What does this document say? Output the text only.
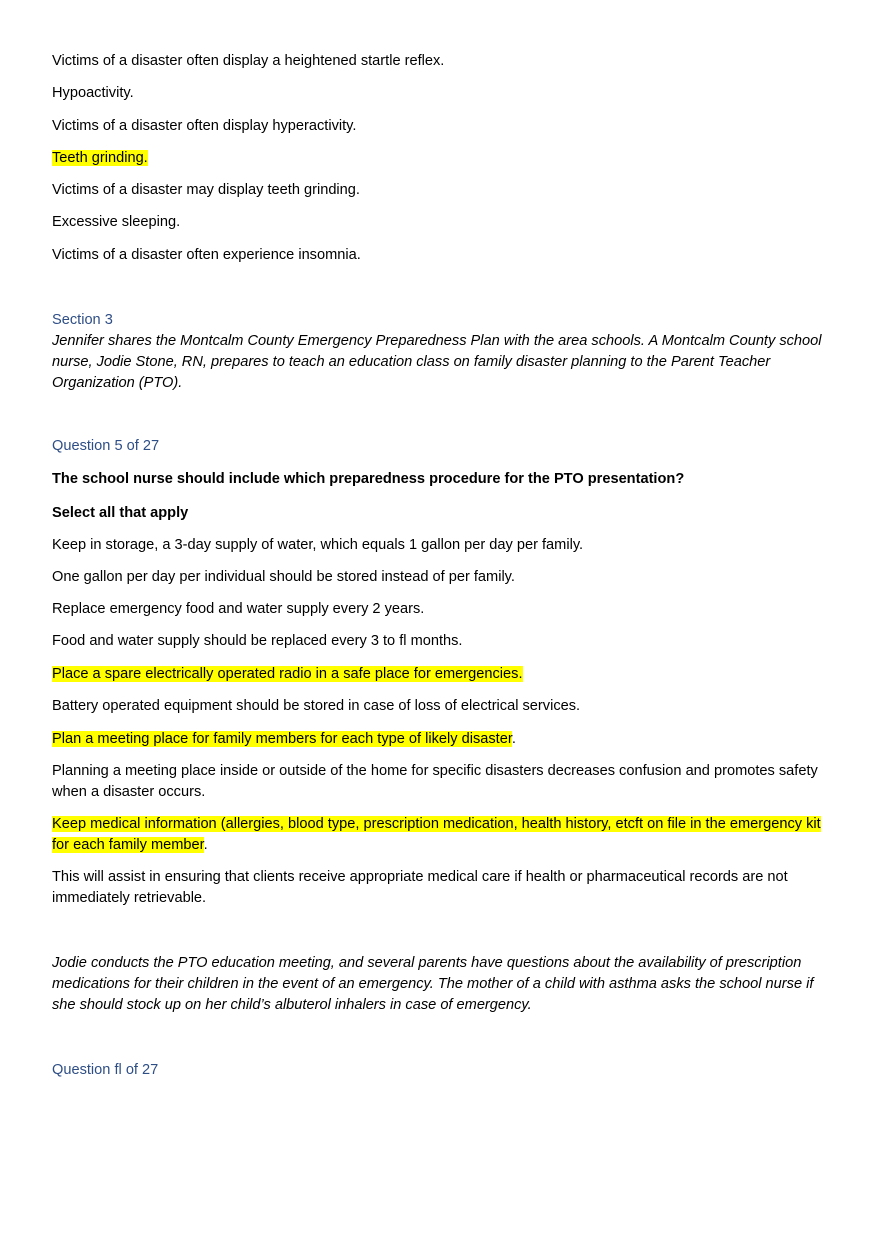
Victims of a disaster often display a heightened startle reflex.

Hypoactivity.

Victims of a disaster often display hyperactivity.

Teeth grinding.

Victims of a disaster may display teeth grinding.

Excessive sleeping.

Victims of a disaster often experience insomnia.

Section 3

Jennifer shares the Montcalm County Emergency Preparedness Plan with the area schools. A Montcalm County school nurse, Jodie Stone, RN, prepares to teach an education class on family disaster planning to the Parent Teacher Organization (PTO).

Question 5 of 27

The school nurse should include which preparedness procedure for the PTO presentation?

Select all that apply

Keep in storage, a 3-day supply of water, which equals 1 gallon per day per family.

One gallon per day per individual should be stored instead of per family.

Replace emergency food and water supply every 2 years.

Food and water supply should be replaced every 3 to fl months.

Place a spare electrically operated radio in a safe place for emergencies.

Battery operated equipment should be stored in case of loss of electrical services.

Plan a meeting place for family members for each type of likely disaster.

Planning a meeting place inside or outside of the home for specific disasters decreases confusion and promotes safety when a disaster occurs.

Keep medical information (allergies, blood type, prescription medication, health history, etcft on file in the emergency kit for each family member.

This will assist in ensuring that clients receive appropriate medical care if health or pharmaceutical records are not immediately retrievable.

Jodie conducts the PTO education meeting, and several parents have questions about the availability of prescription medications for their children in the event of an emergency. The mother of a child with asthma asks the school nurse if she should stock up on her child’s albuterol inhalers in case of emergency.

Question fl of 27
